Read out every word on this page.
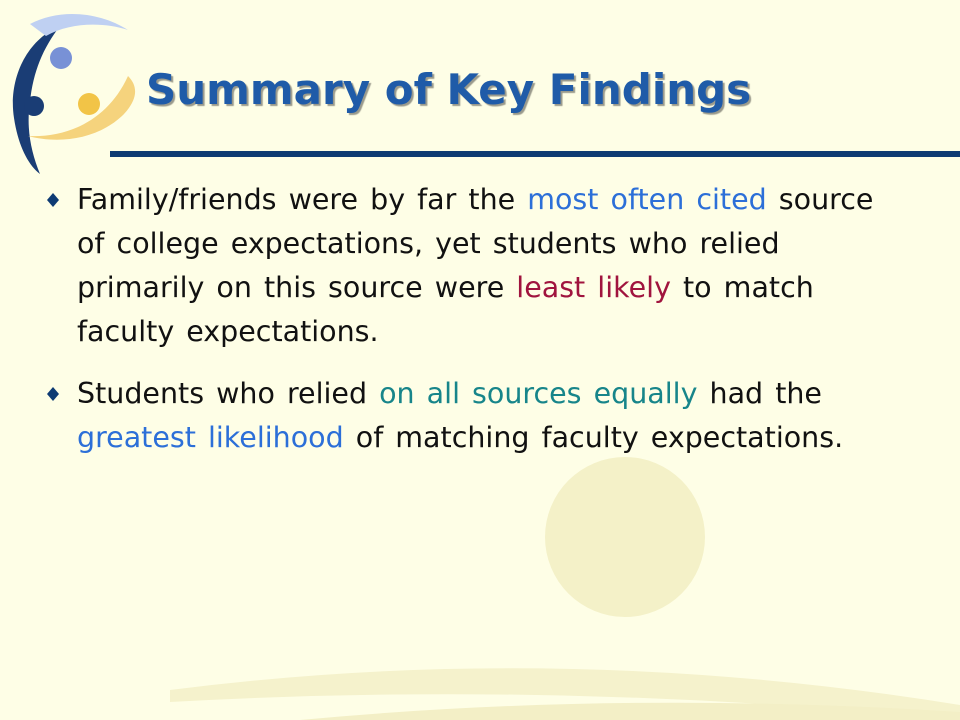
Summary of Key Findings
Family/friends were by far the most often cited source of college expectations, yet students who relied primarily on this source were least likely to match faculty expectations.
Students who relied on all sources equally had the greatest likelihood of matching faculty expectations.
